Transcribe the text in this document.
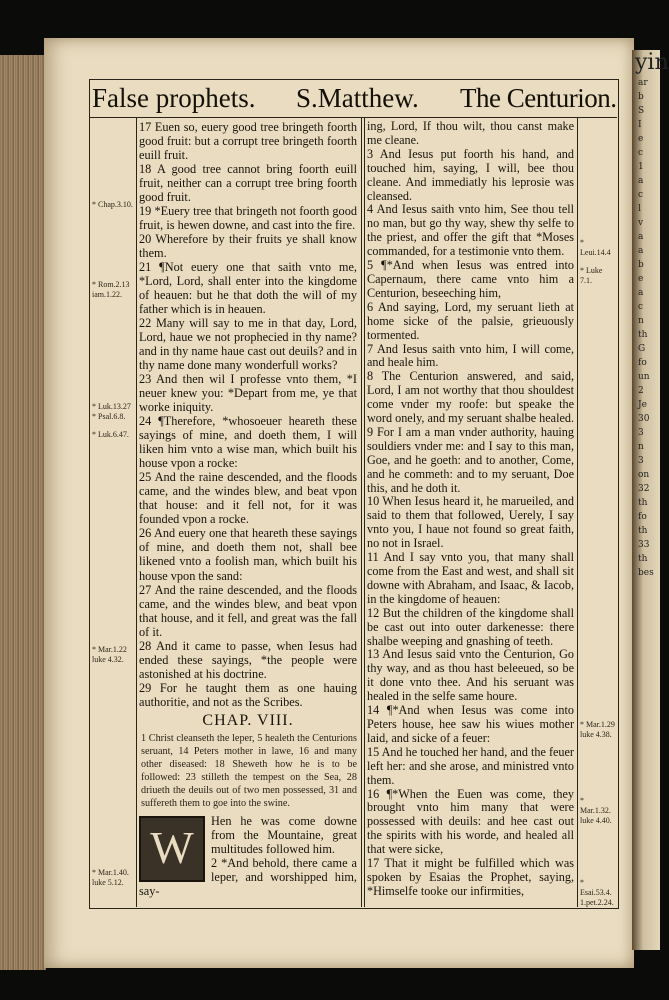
yin
ar
b
S
I
e
c
1
a
c
l
v
a
a
b
e
a
c
n
th
G
fo
un
2
Je
30
3
n
3
on
32
th
fo
th
33
th
bes
False prophets. S.Matthew. The Centurion.

17 Euen so, euery good tree bringeth foorth good fruit: but a corrupt tree bringeth foorth euill fruit.

18 A good tree cannot bring foorth euill fruit, neither can a corrupt tree bring foorth good fruit.

19 *Euery tree that bringeth not foorth good fruit, is hewen downe, and cast into the fire.

20 Wherefore by their fruits ye shall know them.

21 ¶Not euery one that saith vnto me, *Lord, Lord, shall enter into the kingdome of heauen: but he that doth the will of my father which is in heauen.

22 Many will say to me in that day, Lord, Lord, haue we not prophecied in thy name? and in thy name haue cast out deuils? and in thy name done many wonderfull works?

23 And then wil I professe vnto them, *I neuer knew you: *Depart from me, ye that worke iniquity.

24 ¶Therefore, *whosoeuer heareth these sayings of mine, and doeth them, I will liken him vnto a wise man, which built his house vpon a rocke:

25 And the raine descended, and the floods came, and the windes blew, and beat vpon that house: and it fell not, for it was founded vpon a rocke.

26 And euery one that heareth these sayings of mine, and doeth them not, shall bee likened vnto a foolish man, which built his house vpon the sand:

27 And the raine descended, and the floods came, and the windes blew, and beat vpon that house, and it fell, and great was the fall of it.

28 And it came to passe, when Iesus had ended these sayings, *the people were astonished at his doctrine.

29 For he taught them as one hauing authoritie, and not as the Scribes.

CHAP. VIII.
1 Christ cleanseth the leper, 5 healeth the Centurions seruant, 14 Peters mother in lawe, 16 and many other diseased: 18 Sheweth how he is to be followed: 23 stilleth the tempest on the Sea, 28 driueth the deuils out of two men possessed, 31 and suffereth them to goe into the swine.
W

Hen he was come downe from the Mountaine, great multitudes followed him.

2 *And behold, there came a leper, and worshipped him, say-

ing, Lord, If thou wilt, thou canst make me cleane.

3 And Iesus put foorth his hand, and touched him, saying, I will, bee thou cleane. And immediatly his leprosie was cleansed.

4 And Iesus saith vnto him, See thou tell no man, but go thy way, shew thy selfe to the priest, and offer the gift that *Moses commanded, for a testimonie vnto them.

5 ¶*And when Iesus was entred into Capernaum, there came vnto him a Centurion, beseeching him,

6 And saying, Lord, my seruant lieth at home sicke of the palsie, grieuously tormented.

7 And Iesus saith vnto him, I will come, and heale him.

8 The Centurion answered, and said, Lord, I am not worthy that thou shouldest come vnder my roofe: but speake the word onely, and my seruant shalbe healed.

9 For I am a man vnder authority, hauing souldiers vnder me: and I say to this man, Goe, and he goeth: and to another, Come, and he commeth: and to my seruant, Doe this, and he doth it.

10 When Iesus heard it, he marueiled, and said to them that followed, Uerely, I say vnto you, I haue not found so great faith, no not in Israel.

11 And I say vnto you, that many shall come from the East and west, and shall sit downe with Abraham, and Isaac, & Iacob, in the kingdome of heauen:

12 But the children of the kingdome shall be cast out into outer darkenesse: there shalbe weeping and gnashing of teeth.

13 And Iesus said vnto the Centurion, Go thy way, and as thou hast beleeued, so be it done vnto thee. And his seruant was healed in the selfe same houre.

14 ¶*And when Iesus was come into Peters house, hee saw his wiues mother laid, and sicke of a feuer:

15 And he touched her hand, and the feuer left her: and she arose, and ministred vnto them.

16 ¶*When the Euen was come, they brought vnto him many that were possessed with deuils: and hee cast out the spirits with his worde, and healed all that were sicke,

17 That it might be fulfilled which was spoken by Esaias the Prophet, saying, *Himselfe tooke our infirmities,

* Chap.3.10.
* Rom.2.13 iam.1.22.
* Luk.13.27 * Psal.6.8.
* Luk.6.47.
* Mar.1.22 luke 4.32.
* Mar.1.40. luke 5.12.
* Leui.14.4
* Luke 7.1.
* Mar.1.29 luke 4.38.
* Mar.1.32. luke 4.40.
* Esai.53.4. 1.pet.2.24.
